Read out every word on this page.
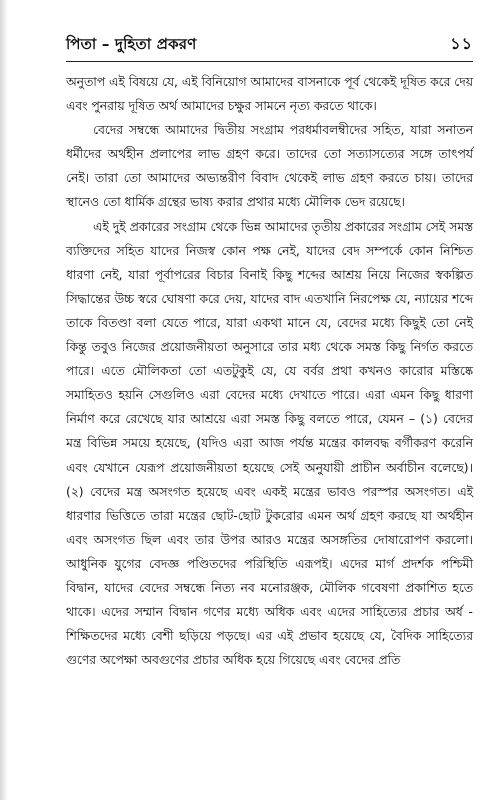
পিতা – দুহিতা প্রকরণ	১১

অনুতাপ এই বিষয়ে যে, এই বিনিয়োগ আমাদের বাসনাকে পূর্ব থেকেই দূষিত করে দেয় এবং পুনরায় দূষিত অর্থ আমাদের চক্ষুর সামনে নৃত্য করতে থাকে।

বেদের সম্বন্ধে আমাদের দ্বিতীয় সংগ্রাম পরধর্মাবলম্বীদের সহিত, যারা সনাতন ধর্মীদের অর্থহীন প্রলাপের লাভ গ্রহণ করে। তাদের তো সত্যাসত্যের সঙ্গে তাৎপর্য নেই। তারা তো আমাদের অভ্যন্তরীণ বিবাদ থেকেই লাভ গ্রহণ করতে চায়। তাদের স্থানেও তো ধার্মিক গ্রন্থের ভাষ্য করার প্রথার মধ্যে মৌলিক ভেদ রয়েছে।

এই দুই প্রকারের সংগ্রাম থেকে ভিন্ন আমাদের তৃতীয় প্রকারের সংগ্রাম সেই সমস্ত ব্যক্তিদের সহিত যাদের নিজস্ব কোন পক্ষ নেই, যাদের বেদ সম্পর্কে কোন নিশ্চিত ধারণা নেই, যারা পূর্বাপরের বিচার বিনাই কিছু শব্দের আশ্রয় নিয়ে নিজের স্বকল্পিত সিদ্ধান্তের উচ্চ স্বরে ঘোষণা করে দেয়, যাদের বাদ এতখানি নিরপেক্ষ যে, ন্যায়ের শব্দে তাকে বিতণ্ডা বলা যেতে পারে, যারা একথা মানে যে, বেদের মধ্যে কিছুই তো নেই কিন্তু তবুও নিজের প্রয়োজনীয়তা অনুসারে তার মধ্য থেকে সমস্ত কিছু নির্গত করতে পারে। এতে মৌলিকতা তো এতটুকুই যে, যে বর্বর প্রথা কখনও কারোর মস্তিষ্কে সমাহিতও হয়নি সেগুলিও এরা বেদের মধ্যে দেখাতে পারে। এরা এমন কিছু ধারণা নির্মাণ করে রেখেছে যার আশ্রয়ে এরা সমস্ত কিছু বলতে পারে, যেমন – (১) বেদের মন্ত্র বিভিন্ন সময়ে হয়েছে, (যদিও এরা আজ পর্যন্ত মন্ত্রের কালবদ্ধ বর্গীকরণ করেনি এবং যেখানে যেরূপ প্রয়োজনীয়তা হয়েছে সেই অনুযায়ী প্রাচীন অর্বাচীন বলেছে)। (২) বেদের মন্ত্র অসংগত হয়েছে এবং একই মন্ত্রের ভাবও পরস্পর অসংগত। এই ধারণার ভিত্তিতে তারা মন্ত্রের ছোট-ছোট টুকরোর এমন অর্থ গ্রহণ করছে যা অর্থহীন এবং অসংগত ছিল এবং তার উপর আরও মন্ত্রের অসঙ্গতির দোষারোপণ করলো। আধুনিক যুগের বেদজ্ঞ পণ্ডিতদের পরিস্থিতি এরূপই। এদের মার্গ প্রদর্শক পশ্চিমী বিদ্বান, যাদের বেদের সম্বন্ধে নিত্য নব মনোরঞ্জক, মৌলিক গবেষণা প্রকাশিত হতে থাকে। এদের সম্মান বিদ্বান গণের মধ্যে অধিক এবং এদের সাহিত্যের প্রচার অর্ধ - শিক্ষিতদের মধ্যে বেশী ছড়িয়ে পড়ছে। এর এই প্রভাব হয়েছে যে, বৈদিক সাহিত্যের গুণের অপেক্ষা অবগুণের প্রচার অধিক হয়ে গিয়েছে এবং বেদের প্রতি
